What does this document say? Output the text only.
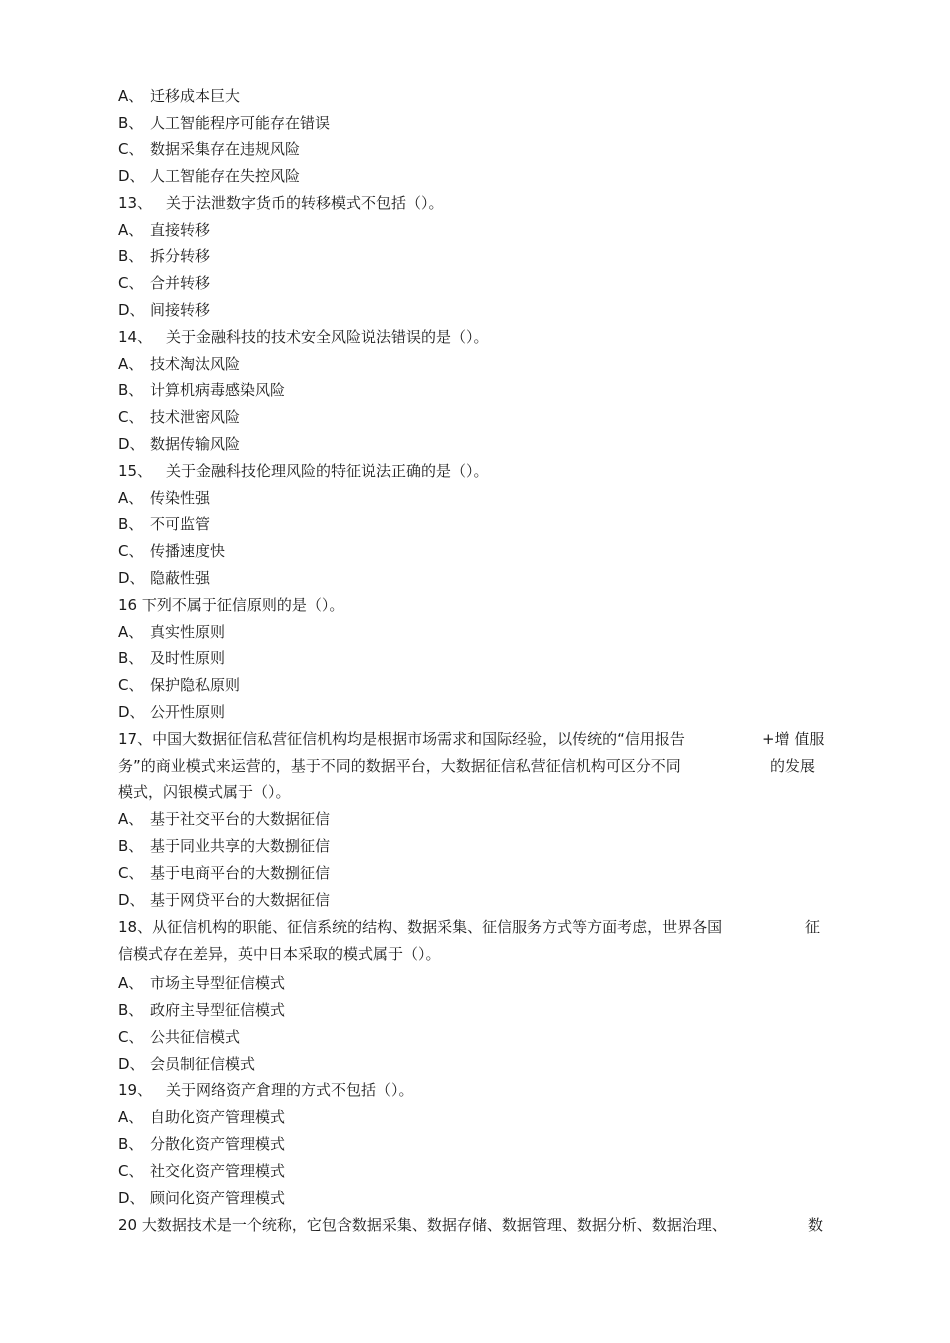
A、 迁移成本巨大
B、 人工智能程序可能存在错误
C、 数据采集存在违规风险
D、 人工智能存在失控风险
13、 关于法泄数字货币的转移模式不包括（）。
A、 直接转移
B、 拆分转移
C、 合并转移
D、 间接转移
14、 关于金融科技的技术安全风险说法错误的是（）。
A、 技术淘汰风险
B、 计算机病毒感染风险
C、 技术泄密风险
D、 数据传输风险
15、 关于金融科技伦理风险的特征说法正确的是（）。
A、 传染性强
B、 不可监管
C、 传播速度快
D、 隐蔽性强
16 下列不属于征信原则的是（）。
A、 真实性原则
B、 及时性原则
C、 保护隐私原则
D、 公开性原则
17、中国大数据征信私营征信机构均是根据市场需求和国际经验，以传统的“信用报告	+增 值服
务”的商业模式来运营的，基于不同的数据平台，大数据征信私营征信机构可区分不同	的发展
模式，闪银模式属于（）。
A、 基于社交平台的大数据征信
B、 基于同业共享的大数捌征信
C、 基于电商平台的大数捌征信
D、 基于网贷平台的大数据征信
18、从征信机构的职能、征信系统的结构、数据采集、征信服务方式等方面考虑，世界各国	征
信模式存在差异，英中日本采取的模式属于（）。
A、 市场主导型征信模式
B、 政府主导型征信模式
C、 公共征信模式
D、 会员制征信模式
19、 关于网络资产倉理的方式不包括（）。
A、 自助化资产管理模式
B、 分散化资产管理模式
C、 社交化资产管理模式
D、 顾问化资产管理模式
20 大数据技术是一个统称，它包含数据采集、数据存储、数据管理、数据分析、数据治理、	数
